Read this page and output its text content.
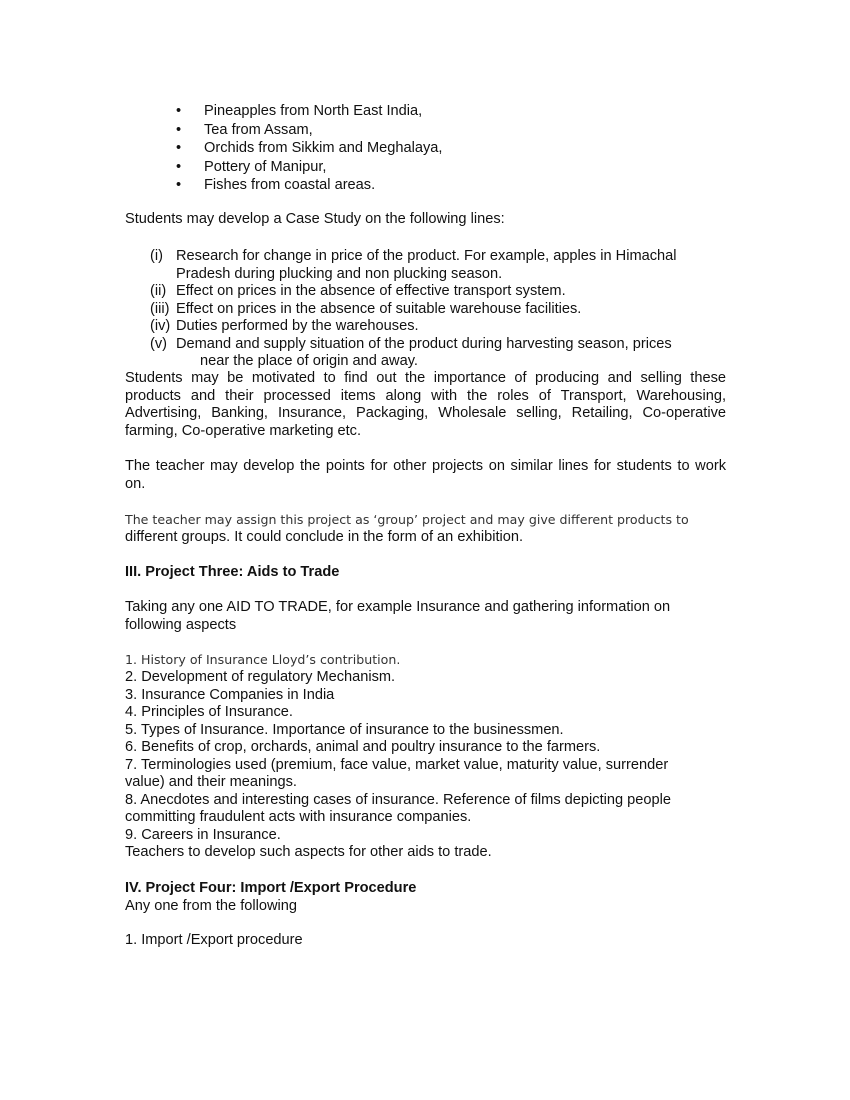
•	Pineapples from North East India,
•	Tea from Assam,
•	Orchids from Sikkim and Meghalaya,
•	Pottery of Manipur,
•	Fishes from coastal areas.
Students may develop a Case Study on the following lines:
(i) Research for change in price of the product. For example, apples in Himachal
Pradesh during plucking and non plucking season.
(ii) Effect on prices in the absence of effective transport system.
(iii) Effect on prices in the absence of suitable warehouse facilities.
(iv) Duties performed by the warehouses.
(v) Demand and supply situation of the product during harvesting season, prices
near the place of origin and away.
Students may be motivated to find out the importance of producing and selling these products and their processed items along with the roles of Transport, Warehousing, Advertising, Banking, Insurance, Packaging, Wholesale selling, Retailing, Co-operative farming, Co-operative marketing etc.
The teacher may develop the points for other projects on similar lines for students to work on.
The teacher may assign this project as ‘group’ project and may give different products to
different groups. It could conclude in the form of an exhibition.
III. Project Three: Aids to Trade
Taking any one AID TO TRADE, for example Insurance and gathering information on
following aspects
1. History of Insurance Lloyd’s contribution.
2. Development of regulatory Mechanism.
3. Insurance Companies in India
4. Principles of Insurance.
5. Types of Insurance. Importance of insurance to the businessmen.
6. Benefits of crop, orchards, animal and poultry insurance to the farmers.
7. Terminologies used (premium, face value, market value, maturity value, surrender
value) and their meanings.
8. Anecdotes and interesting cases of insurance. Reference of films depicting people
committing fraudulent acts with insurance companies.
9. Careers in Insurance.
Teachers to develop such aspects for other aids to trade.
IV. Project Four: Import /Export Procedure
Any one from the following
1. Import /Export procedure
